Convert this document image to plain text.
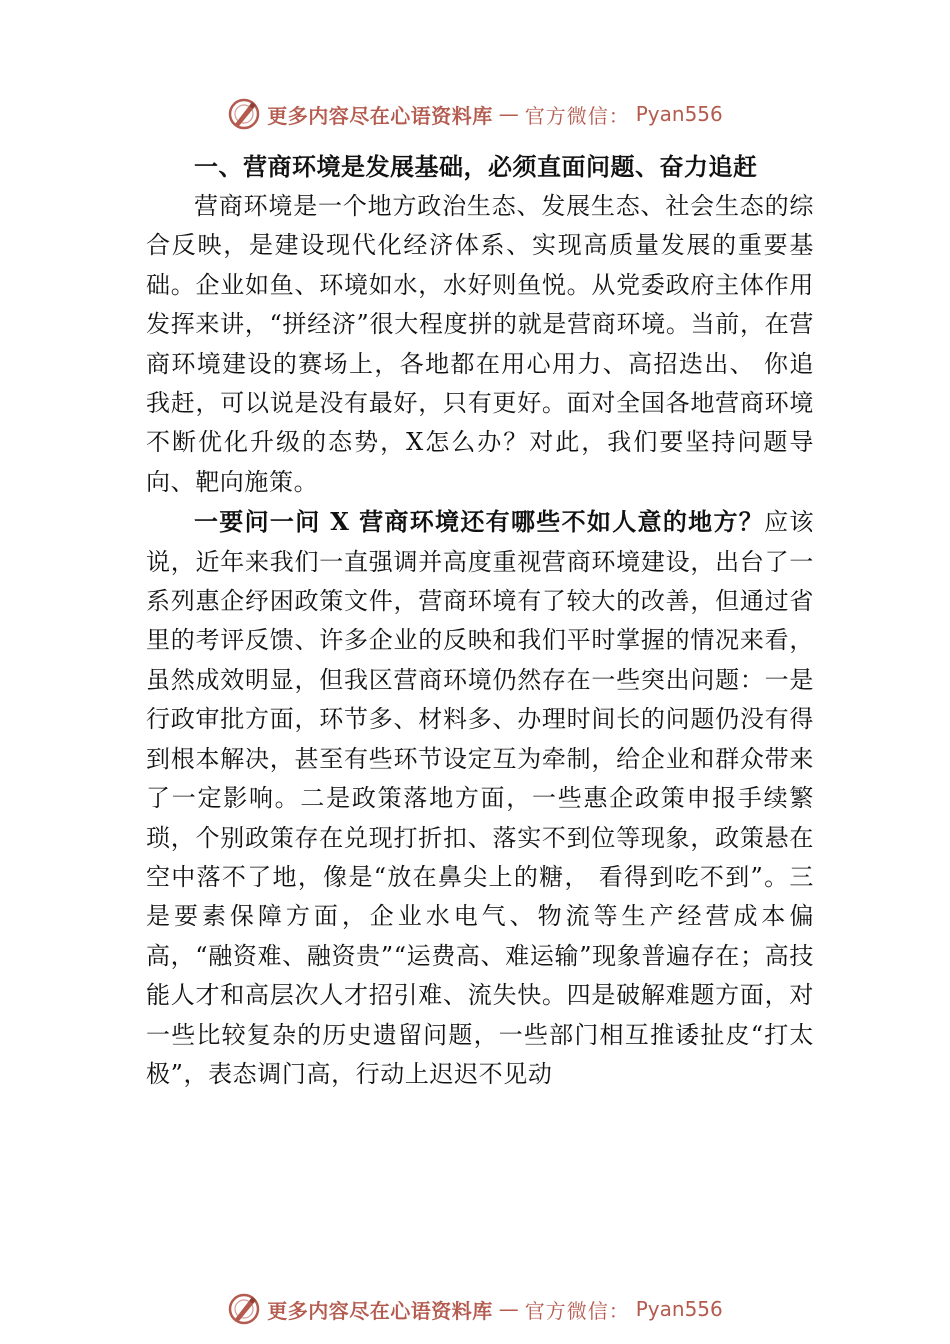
更多内容尽在心语资料库 — 官方微信： Pyan556

一、营商环境是发展基础，必须直面问题、奋力追赶

营商环境是一个地方政治生态、发展生态、社会生态的综合反映，是建设现代化经济体系、实现高质量发展的重要基础。企业如鱼、环境如水，水好则鱼悦。从党委政府主体作用发挥来讲，“拼经济”很大程度拼的就是营商环境。当前，在营商环境建设的赛场上，各地都在用心用力、高招迭出、 你追我赶，可以说是没有最好，只有更好。面对全国各地营商环境不断优化升级的态势，X怎么办？对此，我们要坚持问题导向、靶向施策。

一要问一问 X 营商环境还有哪些不如人意的地方？应该说，近年来我们一直强调并高度重视营商环境建设，出台了一系列惠企纾困政策文件，营商环境有了较大的改善，但通过省里的考评反馈、许多企业的反映和我们平时掌握的情况来看，虽然成效明显，但我区营商环境仍然存在一些突出问题：一是行政审批方面，环节多、材料多、办理时间长的问题仍没有得到根本解决，甚至有些环节设定互为牵制，给企业和群众带来了一定影响。二是政策落地方面，一些惠企政策申报手续繁琐，个别政策存在兑现打折扣、落实不到位等现象，政策悬在空中落不了地，像是“放在鼻尖上的糖， 看得到吃不到”。三是要素保障方面，企业水电气、物流等生产经营成本偏高，“融资难、融资贵”“运费高、难运输”现象普遍存在；高技能人才和高层次人才招引难、流失快。四是破解难题方面，对一些比较复杂的历史遗留问题，一些部门相互推诿扯皮“打太极”，表态调门高，行动上迟迟不见动

更多内容尽在心语资料库 — 官方微信： Pyan556
